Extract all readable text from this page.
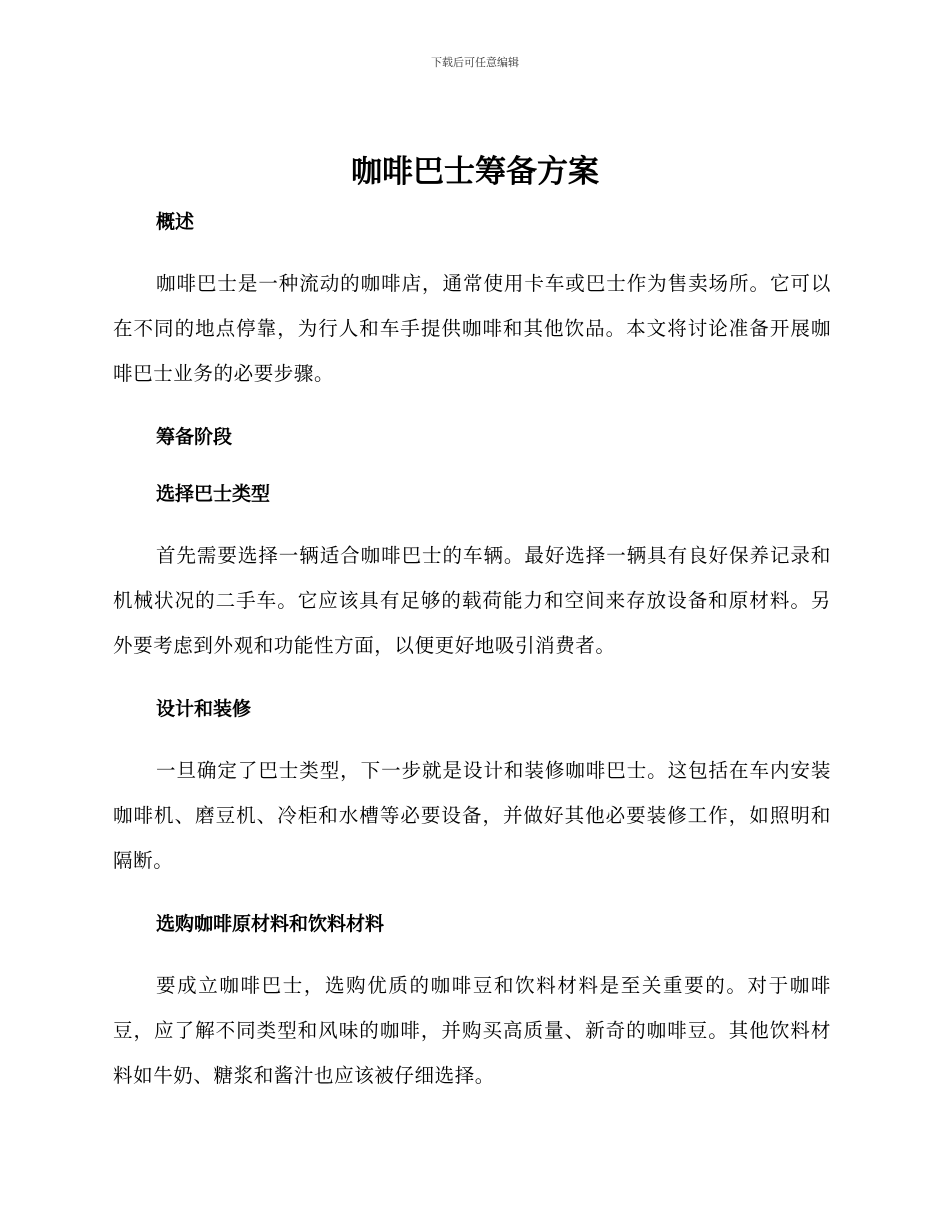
下载后可任意编辑
咖啡巴士筹备方案
概述

咖啡巴士是一种流动的咖啡店，通常使用卡车或巴士作为售卖场所。它可以在不同的地点停靠，为行人和车手提供咖啡和其他饮品。本文将讨论准备开展咖啡巴士业务的必要步骤。

筹备阶段
选择巴士类型

首先需要选择一辆适合咖啡巴士的车辆。最好选择一辆具有良好保养记录和机械状况的二手车。它应该具有足够的载荷能力和空间来存放设备和原材料。另外要考虑到外观和功能性方面，以便更好地吸引消费者。

设计和装修

一旦确定了巴士类型，下一步就是设计和装修咖啡巴士。这包括在车内安装咖啡机、磨豆机、冷柜和水槽等必要设备，并做好其他必要装修工作，如照明和隔断。

选购咖啡原材料和饮料材料

要成立咖啡巴士，选购优质的咖啡豆和饮料材料是至关重要的。对于咖啡豆，应了解不同类型和风味的咖啡，并购买高质量、新奇的咖啡豆。其他饮料材料如牛奶、糖浆和酱汁也应该被仔细选择。
